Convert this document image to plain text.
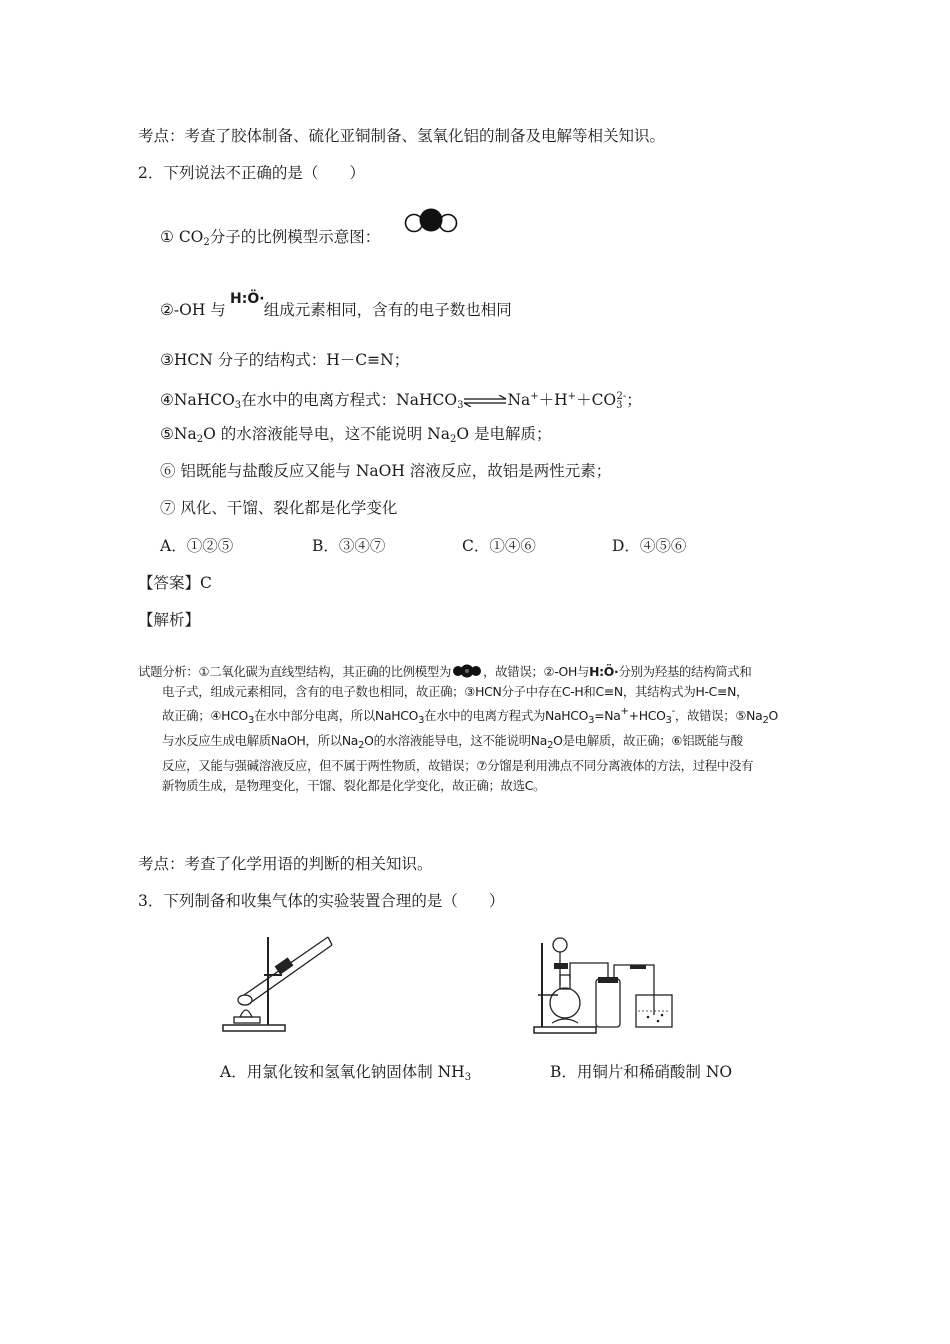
考点：考查了胶体制备、硫化亚铜制备、氢氧化铝的制备及电解等相关知识。
2．下列说法不正确的是（　　）
① $CO_2$分子的比例模型示意图：
②-OH 与 组成元素相同，含有的电子数也相同
H:Ö·
③HCN 分子的结构式：H－C≡N；
④NaHCO$_3$在水中的电离方程式：NaHCO$_3$	$Na^++H^++CO_3^{2-}$；
$⑤Na_2O$ 的水溶液能导电，这不能说明 $Na_2O$ 是电解质；
⑥ 铝既能与盐酸反应又能与 NaOH 溶液反应，故铝是两性元素；
⑦ 风化、干馏、裂化都是化学变化
A．①②⑤	B．③④⑦	C．①④⑥	D．④⑤⑥
【答案】C
【解析】

试题分析：①二氧化碳为直线型结构，其正确的比例模型为	，故错误；②-OH与H:Ö·分别为羟基的结构简式和

电子式，组成元素相同，含有的电子数也相同，故正确；③HCN分子中存在C-H和C≡N，其结构式为H-C≡N，

故正确；$④HCO_3$在水中部分电离，所以NaHCO$_3$在水中的电离方程式为$NaHCO_3=Na^++HCO_3^-$，故错误；$⑤Na_2O$

与水反应生成电解质NaOH，所以$Na_2O$的水溶液能导电，这不能说明$Na_2O$是电解质，故正确；⑥铝既能与酸

反应，又能与强碱溶液反应，但不属于两性物质，故错误；⑦分馏是利用沸点不同分离液体的方法，过程中没有

新物质生成，是物理变化，干馏、裂化都是化学变化，故正确；故选C。

考点：考查了化学用语的判断的相关知识。
3．下列制备和收集气体的实验装置合理的是（　　）
A．用氯化铵和氢氧化钠固体制 $NH_3$	B．用铜片和稀硝酸制 NO
